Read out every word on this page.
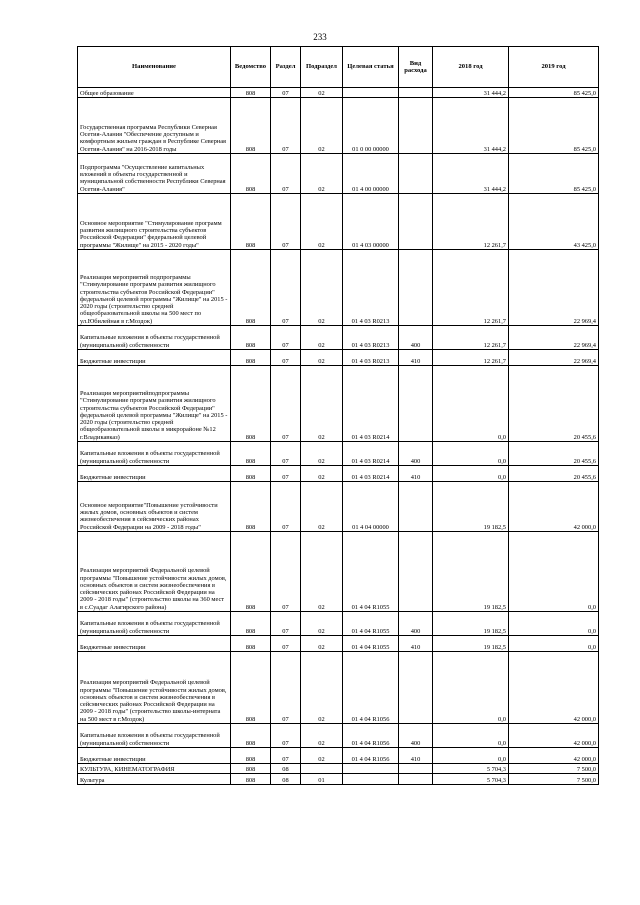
233
Наименование	Ведомство	Раздел	Подраздел	Целевая статья	Вид расхода	2018 год	2019 год
Общее образование	808	07	02			31 444,2	85 425,0
Государственная программа Республики Северная Осетия-Алания "Обеспечение доступным и комфортным жильем граждан в Республике Северная Осетия-Алания" на 2016-2018 годы	808	07	02	01 0 00 00000		31 444,2	85 425,0
Подпрограмма "Осуществление капитальных вложений в объекты государственной и муниципальной собственности Республики Северная Осетия-Алания"	808	07	02	01 4 00 00000		31 444,2	85 425,0
Основное мероприятие "Стимулирование программ развития жилищного строительства субъектов Российской Федерации" федеральной целевой программы "Жилище" на 2015 - 2020 годы"	808	07	02	01 4 03 00000		12 261,7	43 425,0
Реализация мероприятий подпрограммы "Стимулирование программ развития жилищного строительства субъектов Российской Федерации" федеральной целевой программы "Жилище" на 2015 - 2020 годы (строительство средней общеобразовательной школы на 500 мест по ул.Юбилейная в г.Моздок)	808	07	02	01 4 03 R0213		12 261,7	22 969,4
Капитальные вложения в объекты государственной (муниципальной) собственности	808	07	02	01 4 03 R0213	400	12 261,7	22 969,4
Бюджетные инвестиции	808	07	02	01 4 03 R0213	410	12 261,7	22 969,4
Реализация мероприятийподпрограммы "Стимулирование программ развития жилищного строительства субъектов Российской Федерации" федеральной целевой программы "Жилище" на 2015 - 2020 годы (строительство средней общеобразовательной школы в микрорайоне №12 г.Владикавказ)	808	07	02	01 4 03 R0214		0,0	20 455,6
Капитальные вложения в объекты государственной (муниципальной) собственности	808	07	02	01 4 03 R0214	400	0,0	20 455,6
Бюджетные инвестиции	808	07	02	01 4 03 R0214	410	0,0	20 455,6
Основное мероприятие"Повышение устойчивости жилых домов, основных объектов и систем жизнеобеспечения в сейсмических районах Российской Федерации на 2009 - 2018 годы"	808	07	02	01 4 04 00000		19 182,5	42 000,0
Реализация мероприятий Федеральной целевой программы "Повышение устойчивости жилых домов, основных объектов и систем жизнеобеспечения в сейсмических районах Российской Федерации на 2009 - 2018 годы" (строительство школы на 360 мест в с.Суадаг Алагирского района)	808	07	02	01 4 04 R1055		19 182,5	0,0
Капитальные вложения в объекты государственной (муниципальной) собственности	808	07	02	01 4 04 R1055	400	19 182,5	0,0
Бюджетные инвестиции	808	07	02	01 4 04 R1055	410	19 182,5	0,0
Реализация мероприятий Федеральной целевой программы "Повышение устойчивости жилых домов, основных объектов и систем жизнеобеспечения в сейсмических районах Российской Федерации на 2009 - 2018 годы" (строительство школы-интерната на 500 мест в г.Моздок)	808	07	02	01 4 04 R1056		0,0	42 000,0
Капитальные вложения в объекты государственной (муниципальной) собственности	808	07	02	01 4 04 R1056	400	0,0	42 000,0
Бюджетные инвестиции	808	07	02	01 4 04 R1056	410	0,0	42 000,0
КУЛЬТУРА, КИНЕМАТОГРАФИЯ	808	08				5 704,3	7 500,0
Культура	808	08	01			5 704,3	7 500,0
